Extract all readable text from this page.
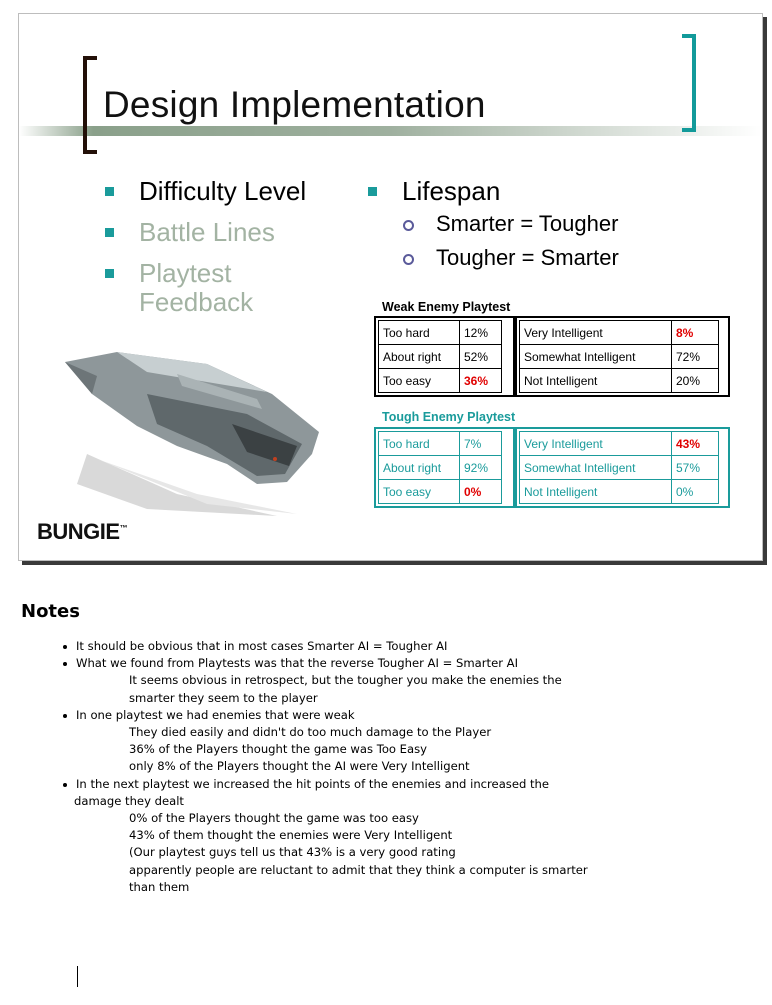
Design Implementation
Difficulty Level
Battle Lines
Playtest
Feedback
Lifespan
Smarter = Tougher
Tougher = Smarter
Weak Enemy Playtest
Too hard	12%
About right	52%
Too easy	36%
Very Intelligent	8%
Somewhat Intelligent	72%
Not Intelligent	20%
Tough Enemy Playtest
Too hard	7%
About right	92%
Too easy	0%
Very Intelligent	43%
Somewhat Intelligent	57%
Not Intelligent	0%
BUNGIE™
Notes
It should be obvious that in most cases Smarter AI = Tougher AI
What we found from Playtests was that the reverse Tougher AI = Smarter AI
It seems obvious in retrospect, but the tougher you make the enemies the
smarter they seem to the player
In one playtest we had enemies that were weak
They died easily and didn't do too much damage to the Player
36% of the Players thought the game was Too Easy
only 8% of the Players thought the AI were Very Intelligent
In the next playtest we increased the hit points of the enemies and increased the
damage they dealt
0% of the Players thought the game was too easy
43% of them thought the enemies were Very Intelligent
(Our playtest guys tell us that 43% is a very good rating
apparently people are reluctant to admit that they think a computer is smarter
than them
